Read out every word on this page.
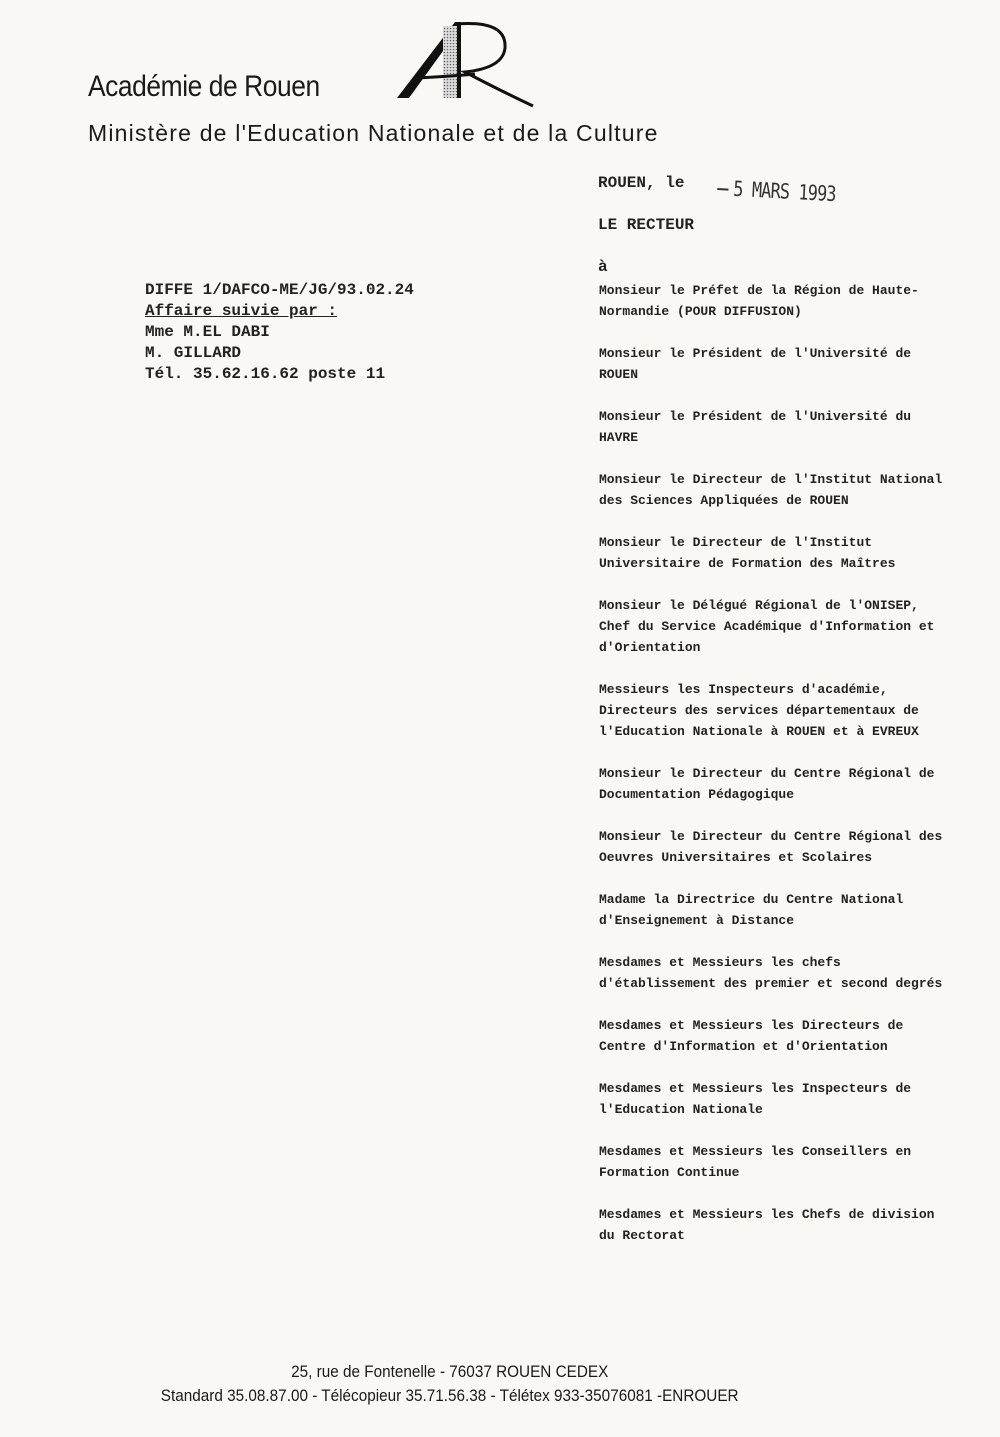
Académie de Rouen
Ministère de l'Education Nationale et de la Culture

ROUEN, le	5 MARS 1993
LE RECTEUR
à
DIFFE 1/DAFCO-ME/JG/93.02.24
Affaire suivie par :
Mme M.EL DABI
M. GILLARD
Tél. 35.62.16.62 poste 11
Monsieur le Préfet de la Région de Haute-Normandie (POUR DIFFUSION)
Monsieur le Président de l'Université de ROUEN
Monsieur le Président de l'Université du HAVRE
Monsieur le Directeur de l'Institut National des Sciences Appliquées de ROUEN
Monsieur le Directeur de l'Institut Universitaire de Formation des Maîtres
Monsieur le Délégué Régional de l'ONISEP, Chef du Service Académique d'Information et d'Orientation
Messieurs les Inspecteurs d'académie, Directeurs des services départementaux de l'Education Nationale à ROUEN et à EVREUX
Monsieur le Directeur du Centre Régional de Documentation Pédagogique
Monsieur le Directeur du Centre Régional des Oeuvres Universitaires et Scolaires
Madame la Directrice du Centre National d'Enseignement à Distance
Mesdames et Messieurs les chefs d'établissement des premier et second degrés
Mesdames et Messieurs les Directeurs de Centre d'Information et d'Orientation
Mesdames et Messieurs les Inspecteurs de l'Education Nationale
Mesdames et Messieurs les Conseillers en Formation Continue
Mesdames et Messieurs les Chefs de division du Rectorat
25, rue de Fontenelle - 76037 ROUEN CEDEX
Standard 35.08.87.00 - Télécopieur 35.71.56.38 - Télétex 933-35076081 -ENROUER
